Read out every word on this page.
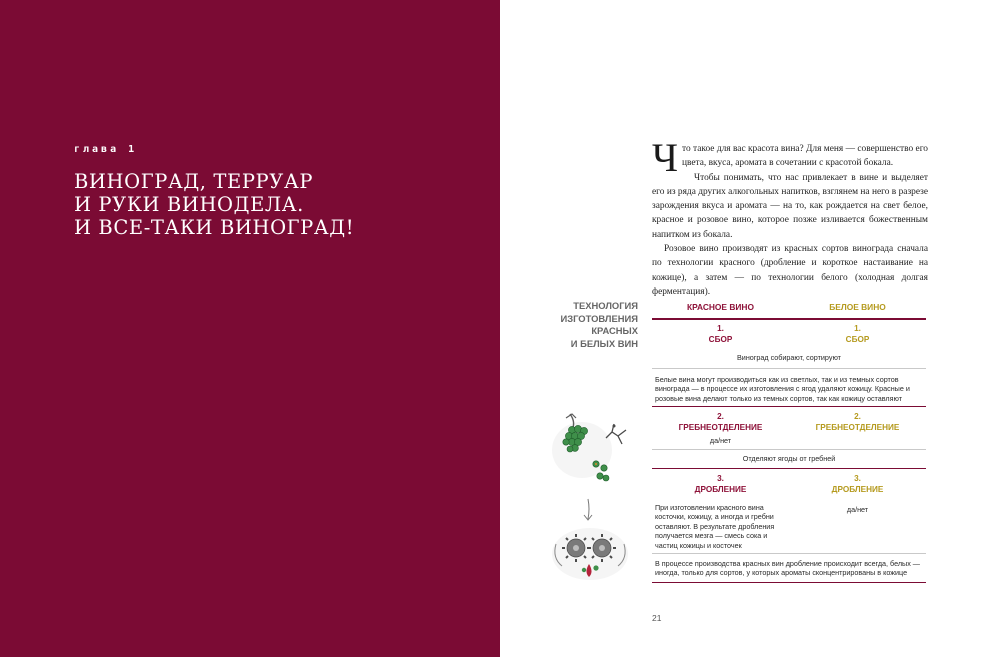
глава 1
ВИНОГРАД, ТЕРРУАР
И РУКИ ВИНОДЕЛА.
И ВСЕ-ТАКИ ВИНОГРАД!

Что такое для вас красота вина? Для меня — совершенство его цвета, вкуса, аромата в сочетании с красотой бокала.

Чтобы понимать, что нас привлекает в вине и выделяет его из ряда других алкогольных напитков, взглянем на него в разрезе зарождения вкуса и аромата — на то, как рождается на свет белое, красное и розовое вино, которое позже изливается божественным напитком из бокала.

Розовое вино производят из красных сортов винограда сначала по технологии красного (дробление и короткое настаивание на кожице), а затем — по технологии белого (холодная долгая ферментация).

ТЕХНОЛОГИЯ
ИЗГОТОВЛЕНИЯ
КРАСНЫХ
И БЕЛЫХ ВИН
КРАСНОЕ ВИНО	БЕЛОЕ ВИНО
1.
СБОР
1.
СБОР
Виноград собирают, сортируют
Белые вина могут производиться как из светлых, так и из темных сортов винограда — в процессе их изготовления с ягод удаляют кожицу. Красные и розовые вина делают только из темных сортов, так как кожицу оставляют
2.
ГРЕБНЕОТДЕЛЕНИЕ
2.
ГРЕБНЕОТДЕЛЕНИЕ
да/нет
Отделяют ягоды от гребней
3.
ДРОБЛЕНИЕ
3.
ДРОБЛЕНИЕ
При изготовлении красного вина косточки, кожицу, а иногда и гребни оставляют. В результате дробления получается мезга — смесь сока и частиц кожицы и косточек
да/нет
В процессе производства красных вин дробление происходит всегда, белых — иногда, только для сортов, у которых ароматы сконцентрированы в кожице
21
